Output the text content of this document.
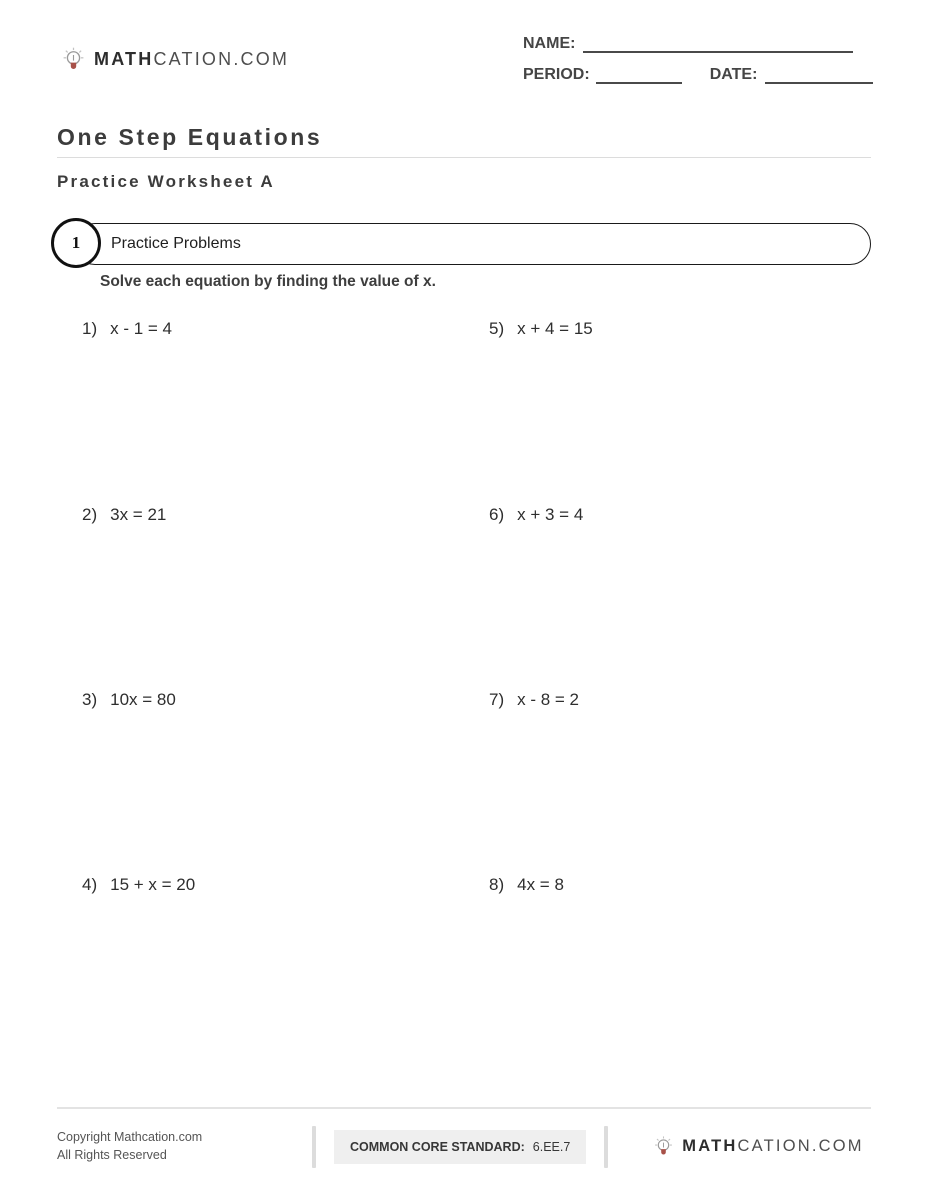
MATHCATION.COM
NAME:
PERIOD:	DATE:
One Step Equations
Practice Worksheet A
Practice Problems
1
Solve each equation by finding the value of x.
1) x - 1 = 4
2) 3x = 21
3) 10x = 80
4) 15 + x = 20
5) x + 4 = 15
6) x + 3 = 4
7) x - 8 = 2
8) 4x = 8
Copyright Mathcation.com
All Rights Reserved
COMMON CORE STANDARD: 6.EE.7	MATHCATION.COM
